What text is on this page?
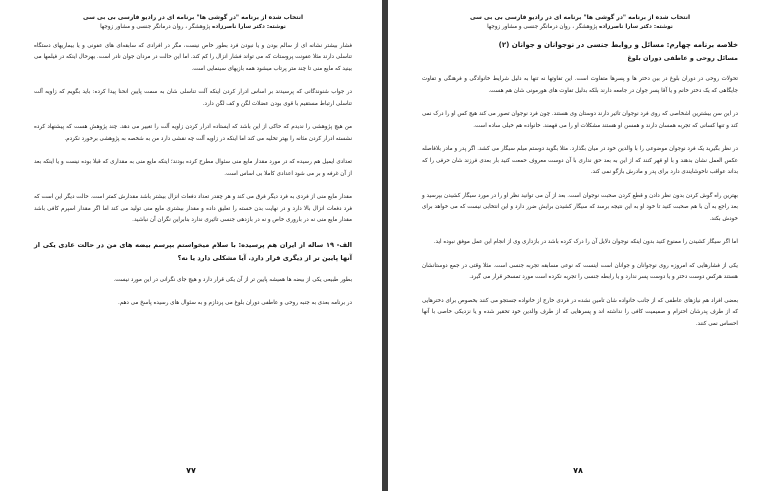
انتخاب شده از برنامه "در گوشی ها" برنامه ای در رادیو فارسی بی بی سی
نوشته: دکتر سارا ناصرزاده پژوهشگر ، روان درمانگر جنسی و مشاور زوجها

فشار بیشتر نشانه ای از سالم بودن و یا نبودن فرد بطور خاص نیست، مگر در افرادی که سابقه‌ای های عفونی و یا بیماریهای دستگاه تناسلی دارند مثلا عفونت پروستات که می تواند فشار انزال را کم کند. اما این حالت در مردان جوان نادر است. بهرحال اینکه در فیلمها می بینید که مایع منی تا چند متر پرتاب میشود همه بازیهای سینمایی است.

در جواب شنوندگانی که پرسیدند بر اساس ادرار کردن اینکه آلت تناسلی شان به سمت پایین انحنا پیدا کرده: باید بگویم که زاویه آلت تناسلی ارتباط مستقیم با قوی بودن عضلات لگن و کف لگن دارد.

من هیچ پژوهشی را ندیدم که حاکی از این باشد که ایستاده ادرار کردن زاویه آلت را تغییر می دهد. چند پژوهش هست که پیشنهاد کرده نشسته ادرار کردن مثانه را بهتر تخلیه می کند اما اینکه در زاویه آلت چه نقشی دارد من به شخصه به پژوهشی برخورد نکردم.

تعدادی ایمیل هم رسیده که در مورد مقدار مایع منی سئوال مطرح کرده بودند؛ اینکه مایع منی به مقداری که قبلا بوده نیست و یا اینکه بعد از آن غرفه و بر می شود اعدادی کاملا بی اساس است.

مقدار مایع منی از فردی به فرد دیگر فرق می کند و هر چقدر تعداد دفعات انزال بیشتر باشد مقدارش کمتر است. حالت دیگر این است که فرد دفعات انزال بالا دارد و در نهایت بدن خسته را تعلیق داده و مقدار بیشتری مایع منی تولید می کند اما اگر مقدار اسپرم کافی باشد مقدار مایع منی نه در باروری خاص و نه در بازدهی جنسی تاثیری ندارد بنابراین نگران آن نباشید.

الف- ۱۹ ساله از ایران هم پرسیده: با سلام میخواستم بپرسم بیضه های من در حالت عادی یکی از آنها پایین تر از دیگری قرار دارد. آیا مشکلی دارد یا نه؟

بطور طبیعی یکی از بیضه ها همیشه پایین تر از آن یکی قرار دارد و هیچ جای نگرانی در این مورد نیست.

در برنامه بعدی به جنبه روحی و عاطفی دوران بلوغ می پردازم و به سئوال های رسیده پاسخ می دهم.

۷۷
انتخاب شده از برنامه "در گوشی ها" برنامه ای در رادیو فارسی بی بی سی
نوشته: دکتر سارا ناصرزاده پژوهشگر ، روان درمانگر جنسی و مشاور زوجها
خلاصه برنامه چهارم: مسائل و روابط جنسی در نوجوانان و جوانان (۲)
مسائل روحی و عاطفی دوران بلوغ

تحولات روحی در دوران بلوغ در بین دختر ها و پسرها متفاوت است. این تفاوتها نه تنها به دلیل شرایط خانوادگی و فرهنگی و تفاوت جایگاهی که یک دختر خانم و یا آقا پسر جوان در جامعه دارند بلکه بدلیل تفاوت های هورمونی شان هم هست.

در این سن بیشترین اشخاصی که روی فرد نوجوان تاثیر دارند دوستان وی هستند. چون فرد نوجوان تصور می کند هیچ کس او را درک نمی کند و تنها کسانی که تجربه همسان دارند و همسن او هستند مشکلات او را می فهمند. خانواده هم خیلی ساده است.

در نظر بگیرید یک فرد نوجوان موضوعی را با والدین خود در میان بگذارد. مثلا بگوید دوستم میلم سیگار می کشد. اگر پدر و مادر بلافاصله عکس العمل نشان بدهند و با او قهر کنند که از این به بعد حق نداری با آن دوست معروف حمعت کنید بار بعدی فرزند شان حرفی را که بداند عواقب ناخوشایندی دارد برای پدر و مادرش بازگو نمی کند.

بهترین راه گوش کردن بدون نظر دادن و قطع کردن صحبت نوجوان است. بعد از آن می توانید نظر او را در مورد سیگار کشیدن بپرسید و بعد راجع به آن با هم صحبت کنید تا خود او به این نتیجه برسد که سیگار کشیدن برایش ضرر دارد و این انتخابی نیست که می خواهد برای خودش بکند.

اما اگر سیگار کشیدن را ممنوع کنید بدون اینکه نوجوان دلایل آن را درک کرده باشد در بازداری وی از انجام این عمل موفق نبوده اید.

یکی از فشارهایی که امروزه روی نوجوانان و جوانان است اینست که نوعی مسابقه تجربه جنسی است. مثلا وقتی در جمع دوستانشان هستند هرکس دوست دختر و یا دوست پسر ندارد و یا رابطه جنسی را تجربه نکرده است مورد تمسخر قرار می گیرد.

بعضی افراد هم نیازهای عاطفی که از جانب خانواده شان تامین نشده در فردی خارج از خانواده جستجو می کنند بخصوص برای دخترهایی که از طرف پدرشان احترام و صمیمیت کافی را نداشته اند و پسرهایی که از طرف والدین خود تحقیر شده و یا نزدیکی خاصی با آنها احساس نمی کنند.

۷۸
